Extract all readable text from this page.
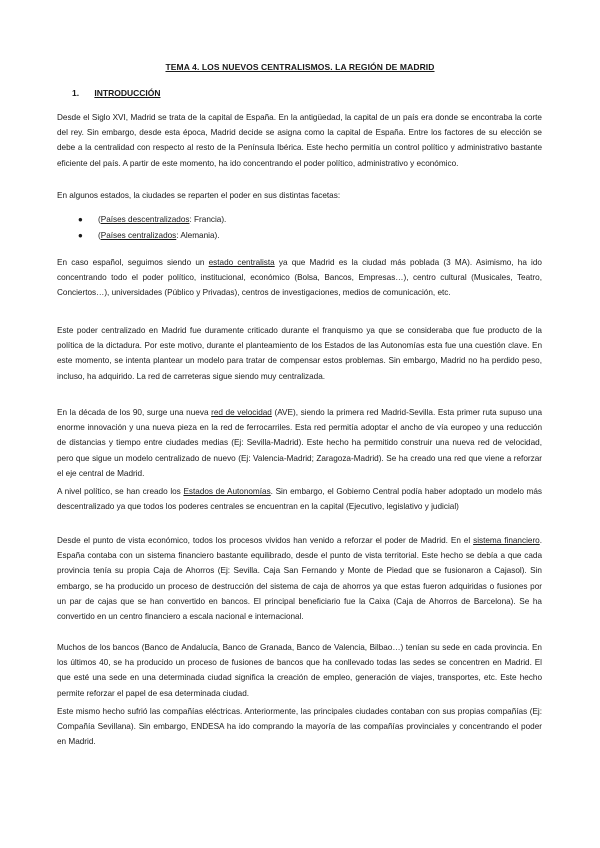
TEMA 4. LOS NUEVOS CENTRALISMOS. LA REGIÓN DE MADRID
1. INTRODUCCIÓN

Desde el Siglo XVI, Madrid se trata de la capital de España. En la antigüedad, la capital de un país era donde se encontraba la corte del rey. Sin embargo, desde esta época, Madrid decide se asigna como la capital de España. Entre los factores de su elección se debe a la centralidad con respecto al resto de la Península Ibérica. Este hecho permitía un control político y administrativo bastante eficiente del país. A partir de este momento, ha ido concentrando el poder político, administrativo y económico.

En algunos estados, la ciudades se reparten el poder en sus distintas facetas:

● (Países descentralizados: Francia).
● (Países centralizados: Alemania).

En caso español, seguimos siendo un estado centralista ya que Madrid es la ciudad más poblada (3 MA). Asimismo, ha ido concentrando todo el poder político, institucional, económico (Bolsa, Bancos, Empresas…), centro cultural (Musicales, Teatro, Conciertos…), universidades (Público y Privadas), centros de investigaciones, medios de comunicación, etc.

Este poder centralizado en Madrid fue duramente criticado durante el franquismo ya que se consideraba que fue producto de la política de la dictadura. Por este motivo, durante el planteamiento de los Estados de las Autonomías esta fue una cuestión clave. En este momento, se intenta plantear un modelo para tratar de compensar estos problemas. Sin embargo, Madrid no ha perdido peso, incluso, ha adquirido. La red de carreteras sigue siendo muy centralizada.

En la década de los 90, surge una nueva red de velocidad (AVE), siendo la primera red Madrid-Sevilla. Esta primer ruta supuso una enorme innovación y una nueva pieza en la red de ferrocarriles. Esta red permitía adoptar el ancho de vía europeo y una reducción de distancias y tiempo entre ciudades medias (Ej: Sevilla-Madrid). Este hecho ha permitido construir una nueva red de velocidad, pero que sigue un modelo centralizado de nuevo (Ej: Valencia-Madrid; Zaragoza-Madrid). Se ha creado una red que viene a reforzar el eje central de Madrid.

A nivel político, se han creado los Estados de Autonomías. Sin embargo, el Gobierno Central podía haber adoptado un modelo más descentralizado ya que todos los poderes centrales se encuentran en la capital (Ejecutivo, legislativo y judicial)

Desde el punto de vista económico, todos los procesos vividos han venido a reforzar el poder de Madrid. En el sistema financiero. España contaba con un sistema financiero bastante equilibrado, desde el punto de vista territorial. Este hecho se debía a que cada provincia tenía su propia Caja de Ahorros (Ej: Sevilla. Caja San Fernando y Monte de Piedad que se fusionaron a Cajasol). Sin embargo, se ha producido un proceso de destrucción del sistema de caja de ahorros ya que estas fueron adquiridas o fusiones por un par de cajas que se han convertido en bancos. El principal beneficiario fue la Caixa (Caja de Ahorros de Barcelona). Se ha convertido en un centro financiero a escala nacional e internacional.

Muchos de los bancos (Banco de Andalucía, Banco de Granada, Banco de Valencia, Bilbao…) tenían su sede en cada provincia. En los últimos 40, se ha producido un proceso de fusiones de bancos que ha conllevado todas las sedes se concentren en Madrid. El que esté una sede en una determinada ciudad significa la creación de empleo, generación de viajes, transportes, etc. Este hecho permite reforzar el papel de esa determinada ciudad.

Este mismo hecho sufrió las compañías eléctricas. Anteriormente, las principales ciudades contaban con sus propias compañías (Ej: Compañía Sevillana). Sin embargo, ENDESA ha ido comprando la mayoría de las compañías provinciales y concentrando el poder en Madrid.
